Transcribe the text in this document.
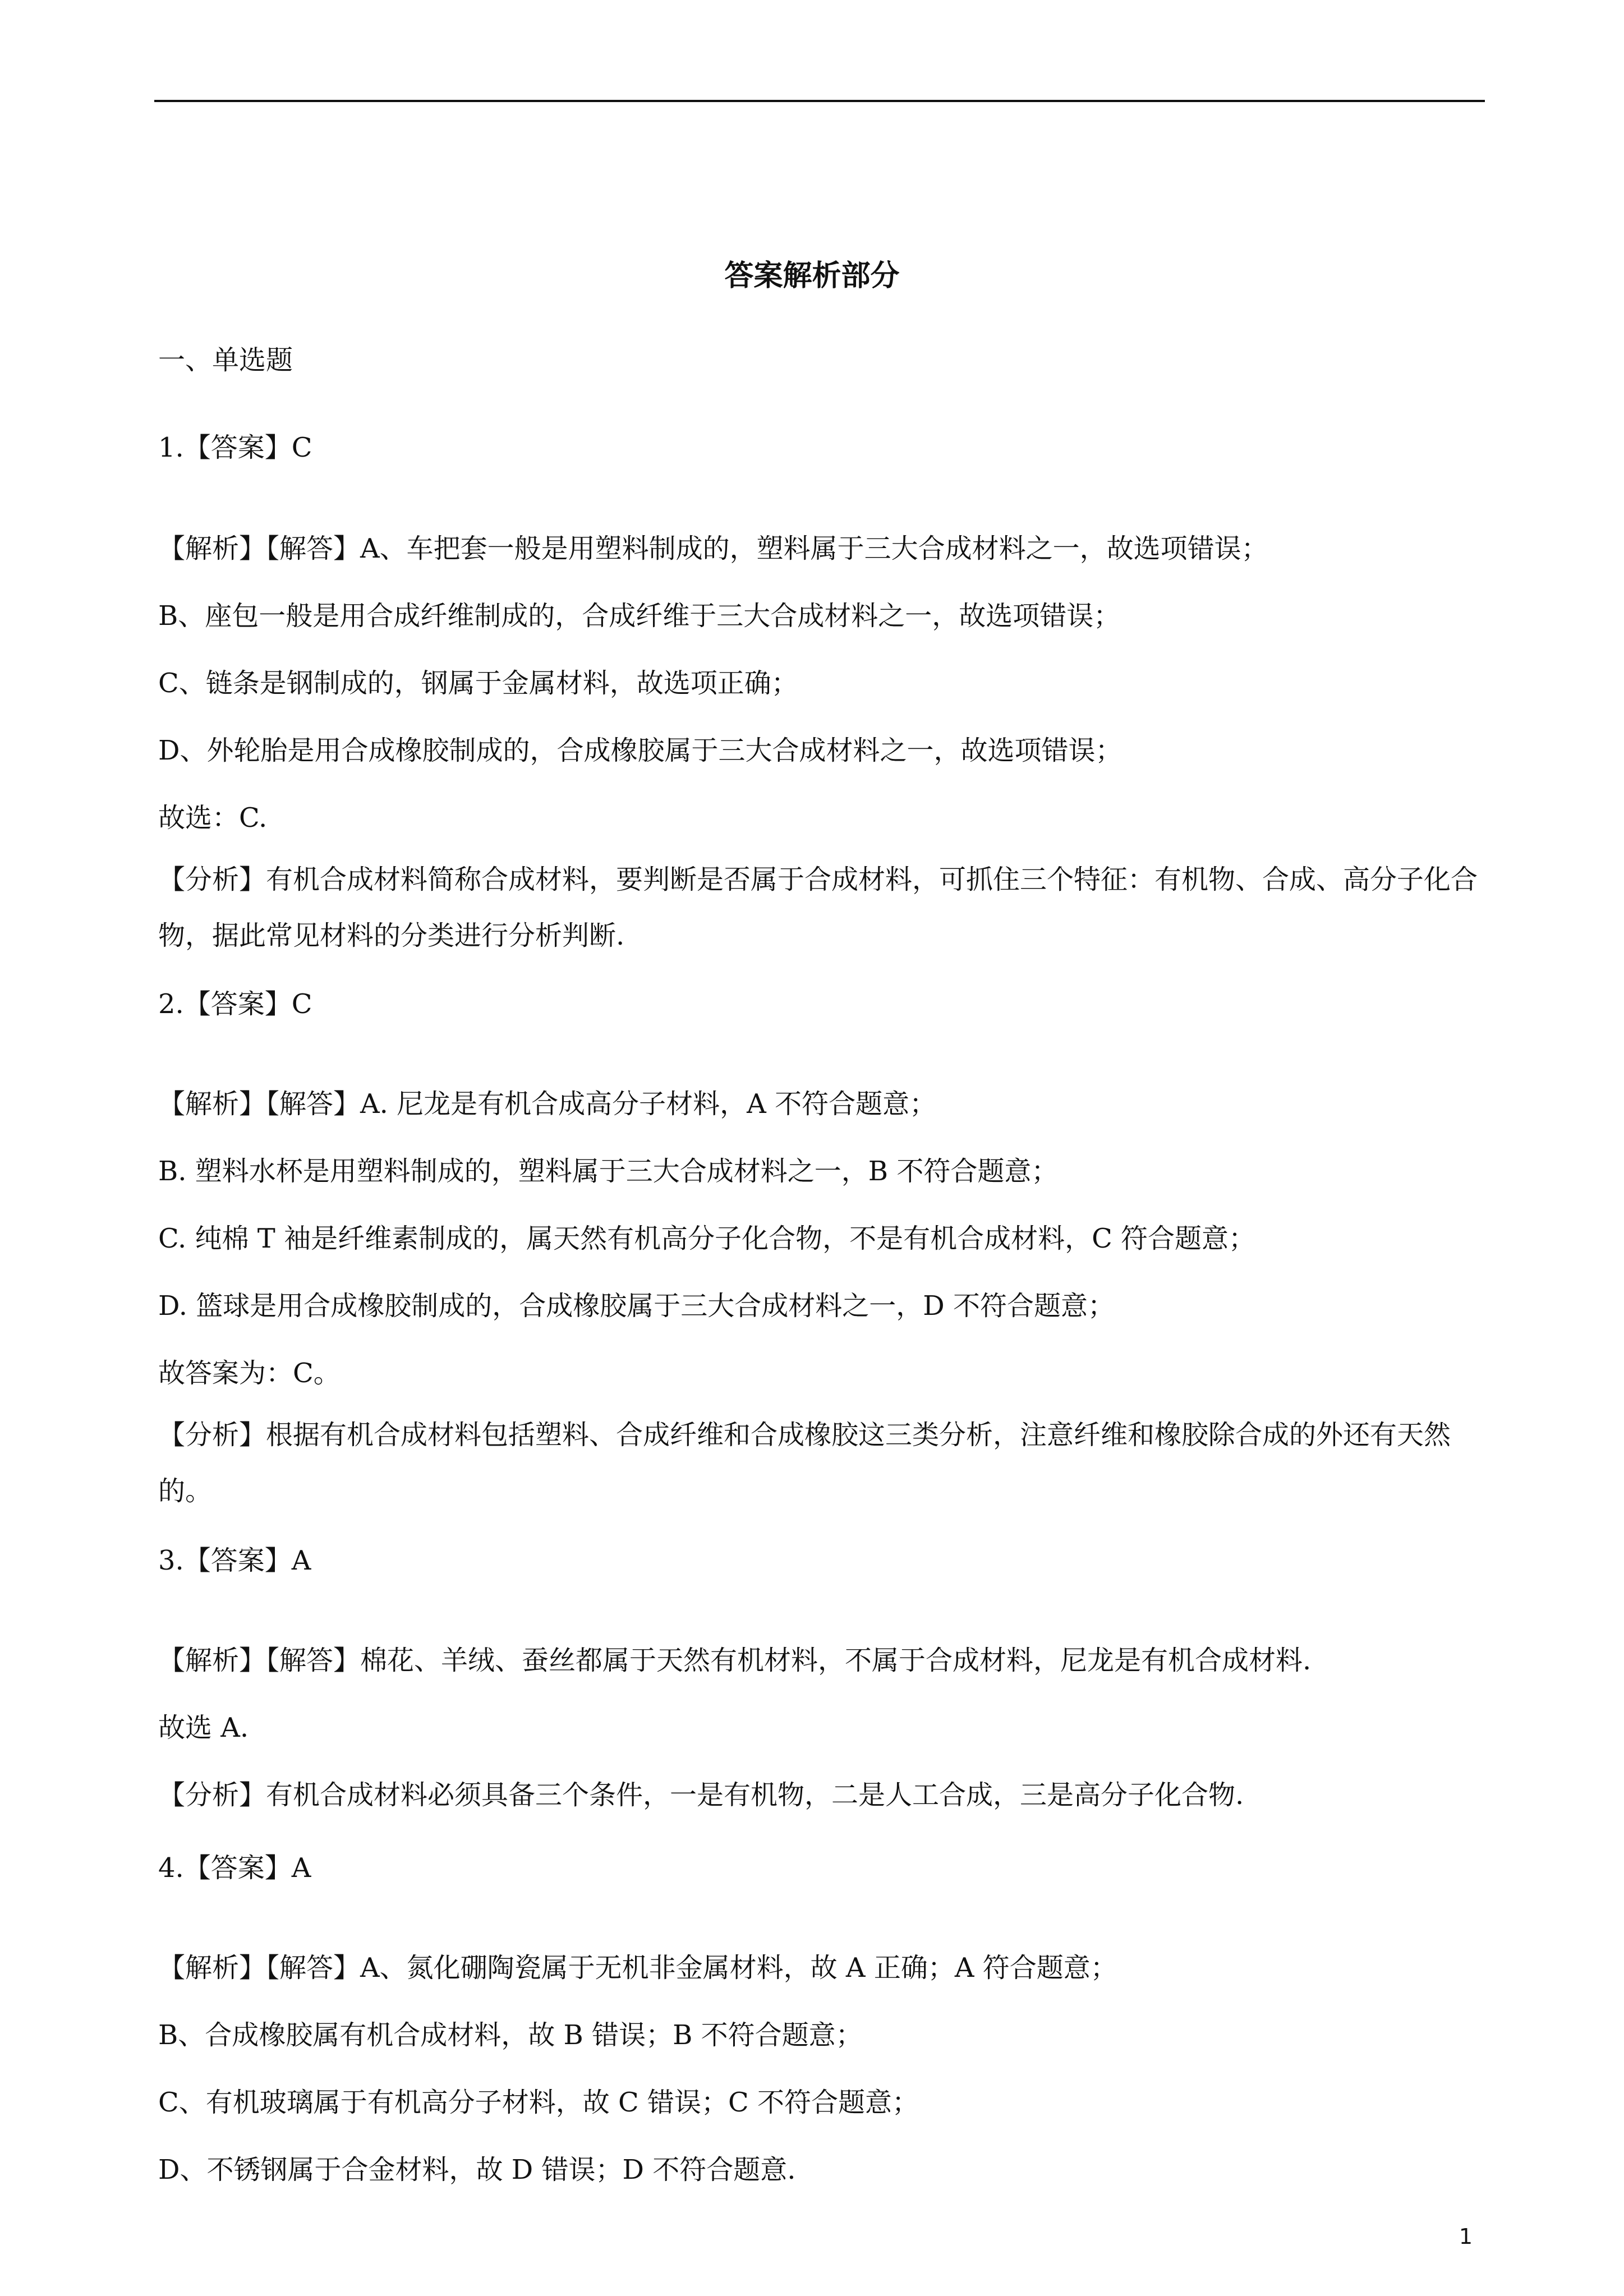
答案解析部分
一、单选题
1.【答案】C
【解析】【解答】A、车把套一般是用塑料制成的，塑料属于三大合成材料之一，故选项错误；
B、座包一般是用合成纤维制成的，合成纤维于三大合成材料之一，故选项错误；
C、链条是钢制成的，钢属于金属材料，故选项正确；
D、外轮胎是用合成橡胶制成的，合成橡胶属于三大合成材料之一，故选项错误；
故选：C.
【分析】有机合成材料简称合成材料，要判断是否属于合成材料，可抓住三个特征：有机物、合成、高分子化合物，据此常见材料的分类进行分析判断.
2.【答案】C
【解析】【解答】A. 尼龙是有机合成高分子材料，A 不符合题意；
B. 塑料水杯是用塑料制成的，塑料属于三大合成材料之一，B 不符合题意；
C. 纯棉 T 袖是纤维素制成的，属天然有机高分子化合物，不是有机合成材料，C 符合题意；
D. 篮球是用合成橡胶制成的，合成橡胶属于三大合成材料之一，D 不符合题意；
故答案为：C。
【分析】根据有机合成材料包括塑料、合成纤维和合成橡胶这三类分析，注意纤维和橡胶除合成的外还有天然的。
3.【答案】A
【解析】【解答】棉花、羊绒、蚕丝都属于天然有机材料，不属于合成材料，尼龙是有机合成材料.
故选 A.
【分析】有机合成材料必须具备三个条件，一是有机物，二是人工合成，三是高分子化合物.
4.【答案】A
【解析】【解答】A、氮化硼陶瓷属于无机非金属材料，故 A 正确；A 符合题意；
B、合成橡胶属有机合成材料，故 B 错误；B 不符合题意；
C、有机玻璃属于有机高分子材料，故 C 错误；C 不符合题意；
D、不锈钢属于合金材料，故 D 错误；D 不符合题意.
1
